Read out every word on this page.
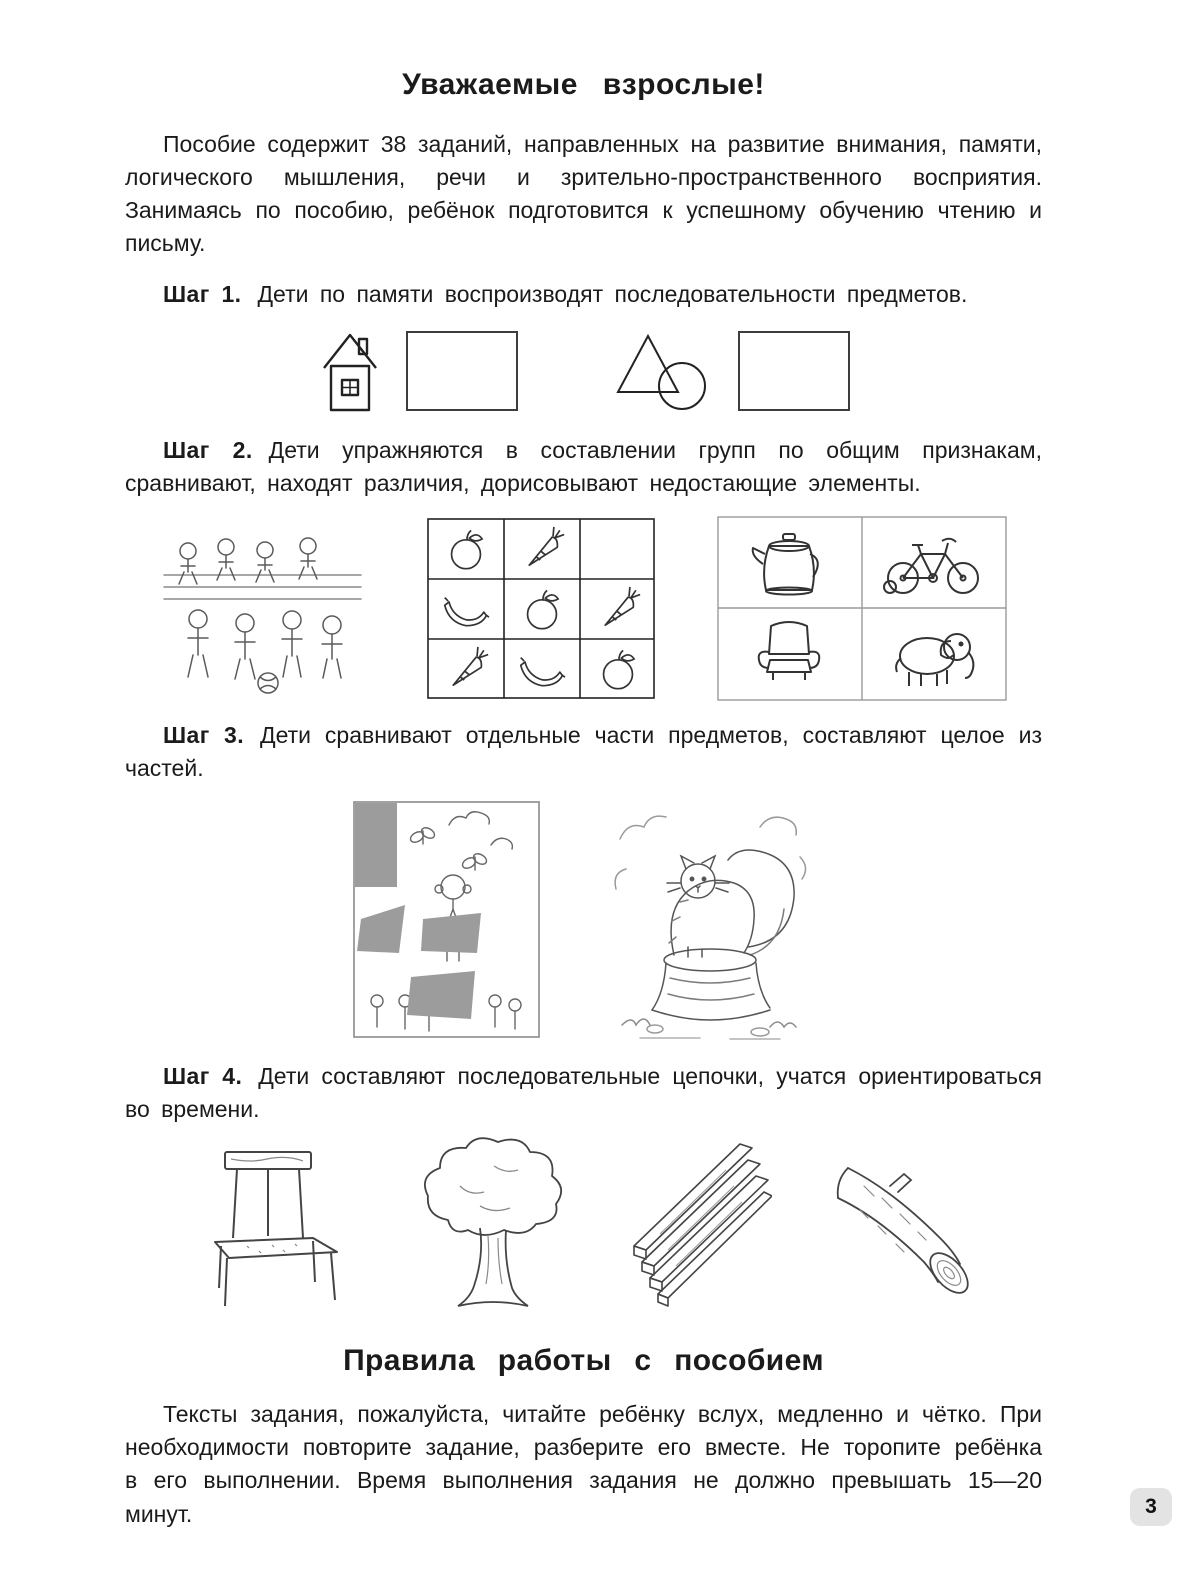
Уважаемые взрослые!

Пособие содержит 38 заданий, направленных на развитие внимания, памяти, логического мышления, речи и зрительно-пространственного восприятия. Занимаясь по пособию, ребёнок подготовится к успешному обучению чтению и письму.

Шаг 1. Дети по памяти воспроизводят последовательности предметов.

Шаг 2. Дети упражняются в составлении групп по общим признакам, сравнивают, находят различия, дорисовывают недостающие элементы.

Шаг 3. Дети сравнивают отдельные части предметов, составляют целое из частей.

Шаг 4. Дети составляют последовательные цепочки, учатся ориентироваться во времени.

Правила работы с пособием

Тексты задания, пожалуйста, читайте ребёнку вслух, медленно и чётко. При необходимости повторите задание, разберите его вместе. Не торопите ребёнка в его выполнении. Время выполнения задания не должно превышать 15—20 минут.	3
